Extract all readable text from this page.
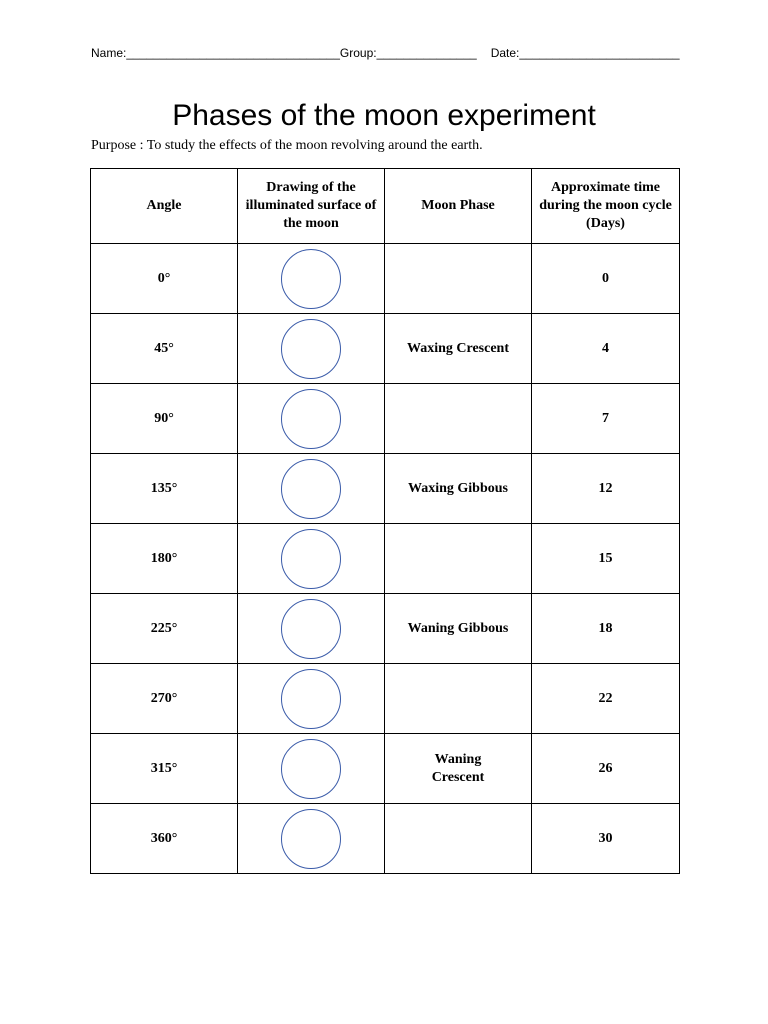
Name:________________________________Group:_______________ Date:________________________
Phases of the moon experiment
Purpose : To study the effects of the moon revolving around the earth.
Angle	Drawing of the illuminated surface of the moon	Moon Phase	Approximate time during the moon cycle (Days)
0°			0
45°		Waxing Crescent	4
90°			7
135°		Waxing Gibbous	12
180°			15
225°		Waning Gibbous	18
270°			22
315°		Waning Crescent	26
360°			30
